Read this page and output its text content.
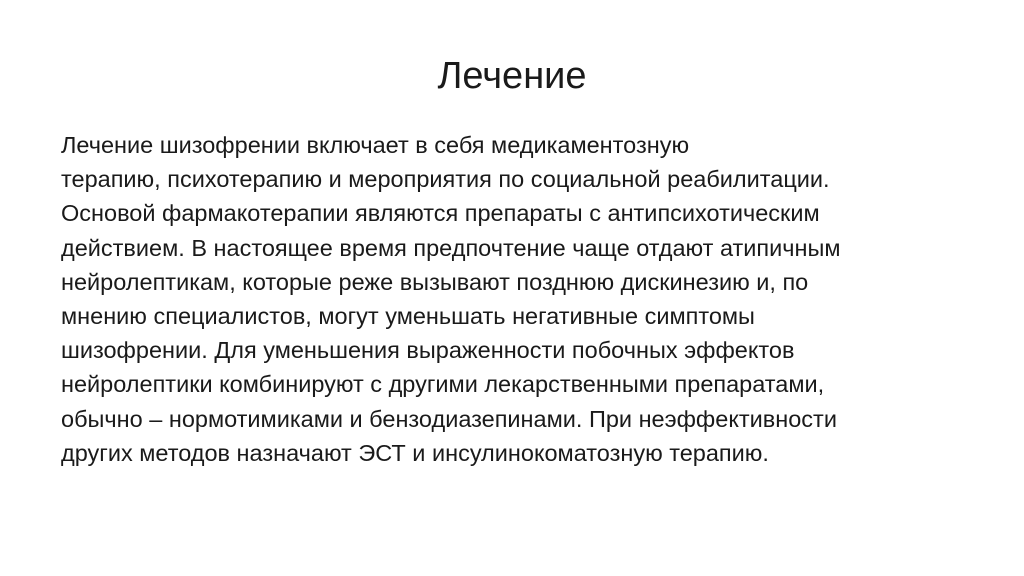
Лечение

Лечение шизофрении включает в себя медикаментозную
терапию, психотерапию и мероприятия по социальной реабилитации.
Основой фармакотерапии являются препараты с антипсихотическим
действием. В настоящее время предпочтение чаще отдают атипичным
нейролептикам, которые реже вызывают позднюю дискинезию и, по
мнению специалистов, могут уменьшать негативные симптомы
шизофрении. Для уменьшения выраженности побочных эффектов
нейролептики комбинируют с другими лекарственными препаратами,
обычно – нормотимиками и бензодиазепинами. При неэффективности
других методов назначают ЭСТ и инсулинокоматозную терапию.
